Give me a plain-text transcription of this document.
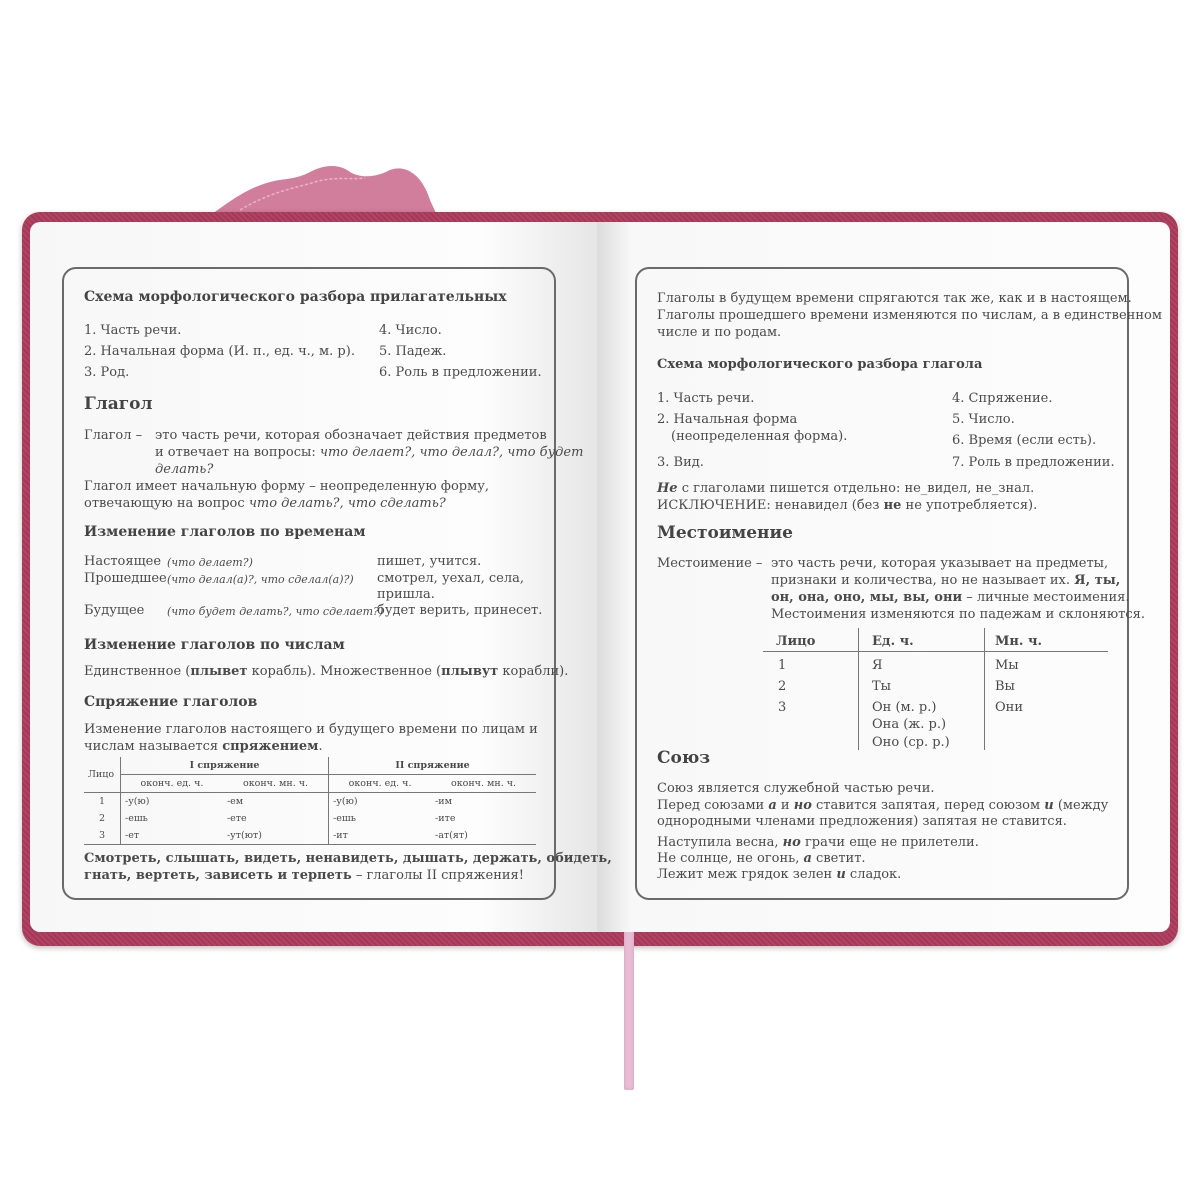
Схема морфологического разбора прилагательных
1. Часть речи.
2. Начальная форма (И. п., ед. ч., м. р).
3. Род.
4. Число.
5. Падеж.
6. Роль в предложении.
Глагол
Глагол – это часть речи, которая обозначает действия предметов
и отвечает на вопросы: что делает?, что делал?, что будет
делать?
Глагол имеет начальную форму – неопределенную форму,
отвечающую на вопрос что делать?, что сделать?
Изменение глаголов по временам
Настоящее (что делает?)	пишет, учится.
Прошедшее (что делал(а)?, что сделал(а)?) смотрел, уехал, села,
пришла.
Будущее (что будет делать?, что сделает?)
будет верить, принесет.
Изменение глаголов по числам
Единственное (плывет корабль). Множественное (плывут корабли).
Спряжение глаголов
Изменение глаголов настоящего и будущего времени по лицам и
числам называется спряжением.
Лицо	I спряжение		II спряжение	
	оконч. ед. ч.	оконч. мн. ч.	оконч. ед. ч.	оконч. мн. ч.
1	-у(ю)	-ем	-у(ю)	-им
2	-ешь	-ете	-ешь	-ите
3	-ет	-ут(ют)	-ит	-ат(ят)
Смотреть, слышать, видеть, ненавидеть, дышать, держать, обидеть,
гнать, вертеть, зависеть и терпеть – глаголы II спряжения!
Глаголы в будущем времени спрягаются так же, как и в настоящем.
Глаголы прошедшего времени изменяются по числам, а в единственном
числе и по родам.
Схема морфологического разбора глагола
1. Часть речи.
2. Начальная форма
(неопределенная форма).
3. Вид.
4. Спряжение.
5. Число.
6. Время (если есть).
7. Роль в предложении.
Не с глаголами пишется отдельно: не_видел, не_знал.
ИСКЛЮЧЕНИЕ: ненавидел (без не не употребляется).
Местоимение
Местоимение – это часть речи, которая указывает на предметы,
признаки и количества, но не называет их. Я, ты,
он, она, оно, мы, вы, они – личные местоимения.
Местоимения изменяются по падежам и склоняются.
Лицо	Ед. ч.	Мн. ч.
1	Я	Мы
2	Ты	Вы
3	Он (м. р.)	Они
Она (ж. р.)
Оно (ср. р.)
Союз
Союз является служебной частью речи.
Перед союзами а и но ставится запятая, перед союзом и (между
однородными членами предложения) запятая не ставится.
Наступила весна, но грачи еще не прилетели.
Не солнце, не огонь, а светит.
Лежит меж грядок зелен и сладок.
